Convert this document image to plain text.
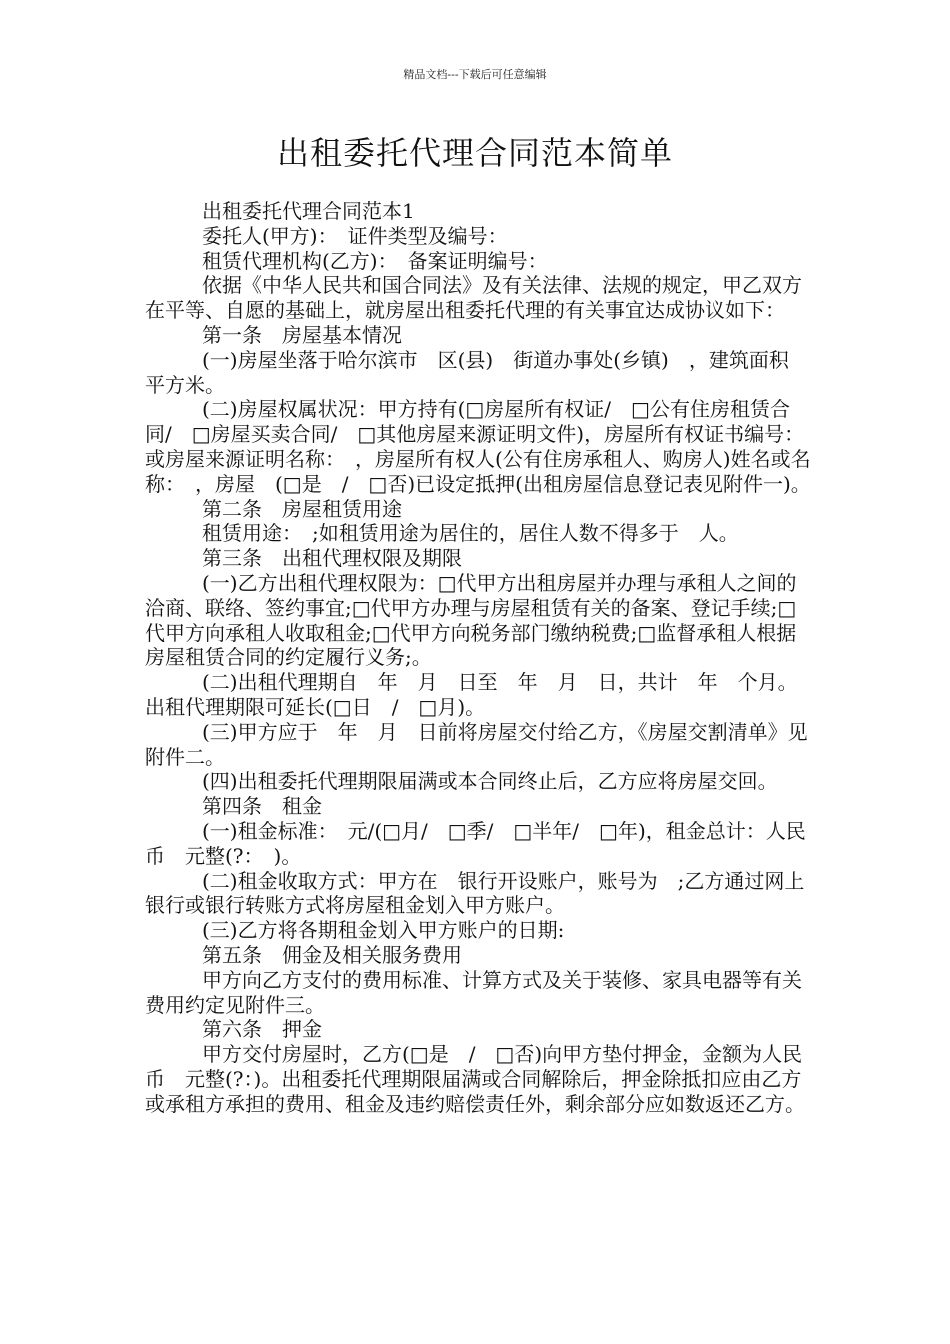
精品文档---下载后可任意编辑
出租委托代理合同范本简单

出租委托代理合同范本1

委托人(甲方)：　证件类型及编号：

租赁代理机构(乙方)：　备案证明编号：

依据《中华人民共和国合同法》及有关法律、法规的规定，甲乙双方在平等、自愿的基础上，就房屋出租委托代理的有关事宜达成协议如下：

第一条　房屋基本情况

(一)房屋坐落于哈尔滨市　区(县)　街道办事处(乡镇)　，建筑面积　平方米。

(二)房屋权属状况：甲方持有(□房屋所有权证/　□公有住房租赁合同/　□房屋买卖合同/　□其他房屋来源证明文件)，房屋所有权证书编号：或房屋来源证明名称：　，房屋所有权人(公有住房承租人、购房人)姓名或名称：　，房屋　(□是　/　□否)已设定抵押(出租房屋信息登记表见附件一)。

第二条　房屋租赁用途

租赁用途：　;如租赁用途为居住的，居住人数不得多于　人。

第三条　出租代理权限及期限

(一)乙方出租代理权限为：□代甲方出租房屋并办理与承租人之间的洽商、联络、签约事宜;□代甲方办理与房屋租赁有关的备案、登记手续;□代甲方向承租人收取租金;□代甲方向税务部门缴纳税费;□监督承租人根据房屋租赁合同的约定履行义务;。

(二)出租代理期自　年　月　日至　年　月　日，共计　年　个月。出租代理期限可延长(□日　/　□月)。

(三)甲方应于　年　月　日前将房屋交付给乙方，《房屋交割清单》见附件二。

(四)出租委托代理期限届满或本合同终止后，乙方应将房屋交回。

第四条　租金

(一)租金标准：　元/(□月/　□季/　□半年/　□年)，租金总计：人民币　元整(?：　)。

(二)租金收取方式：甲方在　银行开设账户，账号为　;乙方通过网上银行或银行转账方式将房屋租金划入甲方账户。

(三)乙方将各期租金划入甲方账户的日期:

第五条　佣金及相关服务费用

甲方向乙方支付的费用标准、计算方式及关于装修、家具电器等有关费用约定见附件三。

第六条　押金

甲方交付房屋时，乙方(□是　/　□否)向甲方垫付押金，金额为人民币　元整(?：)。出租委托代理期限届满或合同解除后，押金除抵扣应由乙方或承租方承担的费用、租金及违约赔偿责任外，剩余部分应如数返还乙方。
